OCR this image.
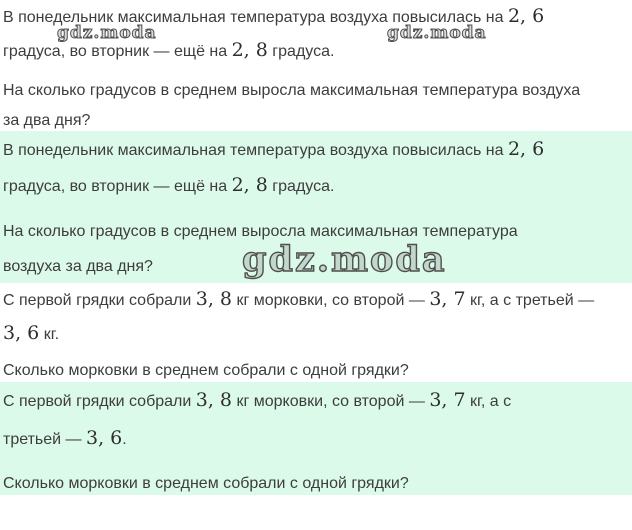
В понедельник максимальная температура воздуха повысилась на 2, 6
градуса, во вторник — ещё на 2, 8 градуса.

На сколько градусов в среднем выросла максимальная температура воздуха
за два дня?

В понедельник максимальная температура воздуха повысилась на 2, 6
градуса, во вторник — ещё на 2, 8 градуса.

На сколько градусов в среднем выросла максимальная температура
воздуха за два дня?

С первой грядки собрали 3, 8 кг морковки, со второй — 3, 7 кг, а с третьей —
3, 6 кг.

Сколько морковки в среднем собрали с одной грядки?

С первой грядки собрали 3, 8 кг морковки, со второй — 3, 7 кг, а с
третьей — 3, 6.

Сколько морковки в среднем собрали с одной грядки?

gdz.moda	gdz.moda
gdz.moda
